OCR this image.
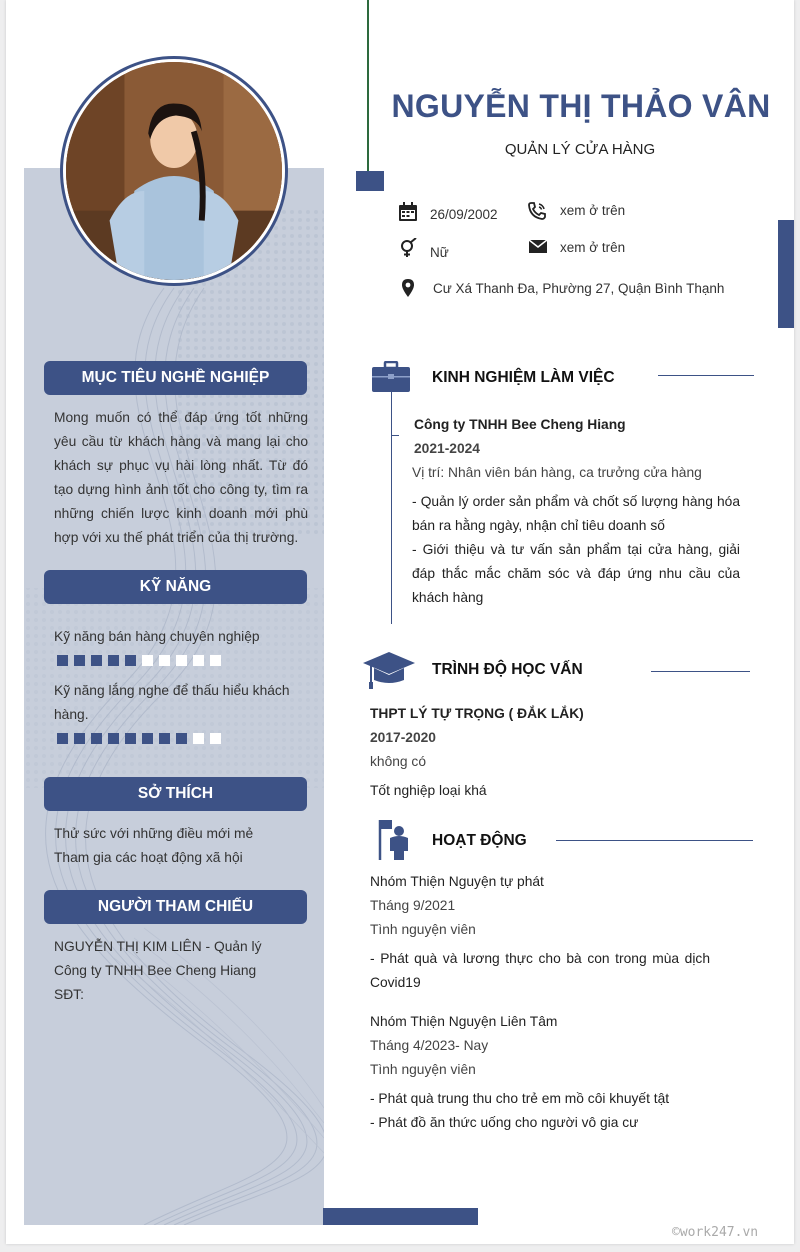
NGUYỄN THỊ THẢO VÂN
QUẢN LÝ CỬA HÀNG
26/09/2002	xem ở trên
Nữ	xem ở trên
Cư Xá Thanh Đa, Phường 27, Quận Bình Thạnh
MỤC TIÊU NGHỀ NGHIỆP
Mong muốn có thể đáp ứng tốt những yêu cầu từ khách hàng và mang lại cho khách sự phục vụ hài lòng nhất. Từ đó tạo dựng hình ảnh tốt cho công ty, tìm ra những chiến lược kinh doanh mới phù hợp với xu thế phát triển của thị trường.
KỸ NĂNG
Kỹ năng bán hàng chuyên nghiệp
Kỹ năng lắng nghe để thấu hiểu khách hàng.
SỞ THÍCH
Thử sức với những điều mới mẻ
Tham gia các hoạt động xã hội
NGƯỜI THAM CHIẾU
NGUYỄN THỊ KIM LIÊN - Quản lý Công ty TNHH Bee Cheng Hiang SĐT:
KINH NGHIỆM LÀM VIỆC
Công ty TNHH Bee Cheng Hiang
2021-2024
Vị trí: Nhân viên bán hàng, ca trưởng cửa hàng
- Quản lý order sản phẩm và chốt số lượng hàng hóa bán ra hằng ngày, nhận chỉ tiêu doanh số
- Giới thiệu và tư vấn sản phẩm tại cửa hàng, giải đáp thắc mắc chăm sóc và đáp ứng nhu cầu của khách hàng
TRÌNH ĐỘ HỌC VẤN
THPT LÝ TỰ TRỌNG ( ĐẮK LẮK)
2017-2020
không có
Tốt nghiệp loại khá
HOẠT ĐỘNG
Nhóm Thiện Nguyện tự phát
Tháng 9/2021
Tình nguyện viên
- Phát quà và lương thực cho bà con trong mùa dịch Covid19
Nhóm Thiện Nguyện Liên Tâm
Tháng 4/2023- Nay
Tình nguyện viên
- Phát quà trung thu cho trẻ em mồ côi khuyết tật
- Phát đồ ăn thức uống cho người vô gia cư
©work247.vn
